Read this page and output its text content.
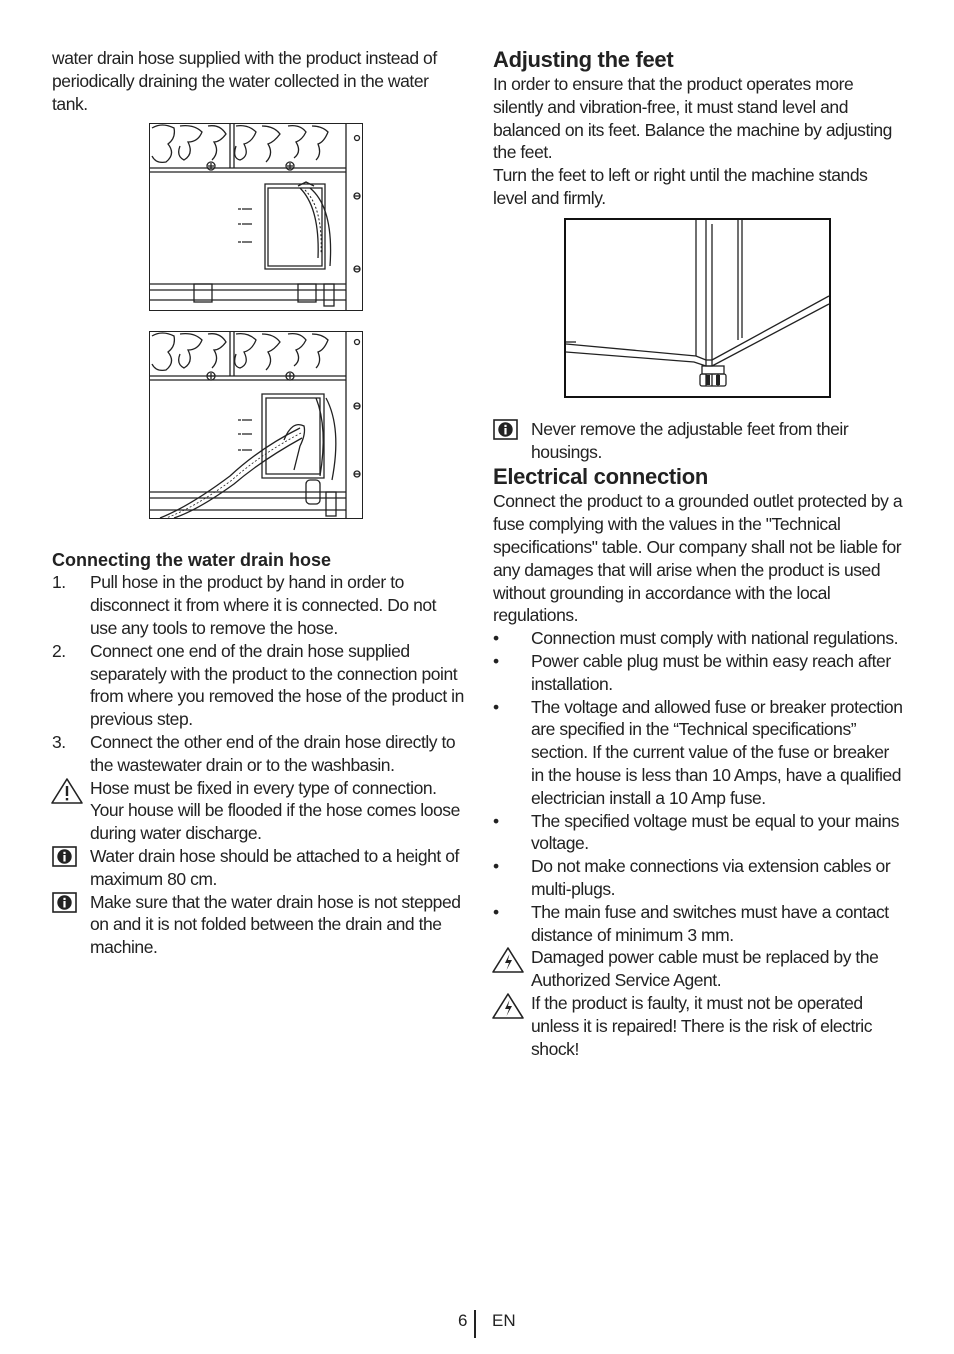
water drain hose supplied with the product instead of periodically draining the water collected in the water tank.

Connecting the water drain hose
1.	Pull hose in the product by hand in order to disconnect it from where it is connected. Do not use any tools to remove the hose.
2.	Connect one end of the drain hose supplied separately with the product to the connection point from where you removed the hose of the product in previous step.
3.	Connect the other end of the drain hose directly to the wastewater drain or to the washbasin.
Hose must be fixed in every type of connection. Your house will be flooded if the hose comes loose during water discharge.
Water drain hose should be attached to a height of maximum 80 cm.
Make sure that the water drain hose is not stepped on and it is not folded between the drain and the machine.
Adjusting the feet

In order to ensure that the product operates more silently and vibration-free, it must stand level and balanced on its feet. Balance the machine by adjusting the feet.

Turn the feet to left or right until the machine stands level and firmly.

Never remove the adjustable feet from their housings.
Electrical connection

Connect the product to a grounded outlet protected by a fuse complying with the values in the "Technical specifications" table. Our company shall not be liable for any damages that will arise when the product is used without grounding in accordance with the local regulations.

•	Connection must comply with national regulations.
•	Power cable plug must be within easy reach after installation.
•	The voltage and allowed fuse or breaker protection are specified in the “Technical specifications” section. If the current value of the fuse or breaker in the house is less than 10 Amps, have a qualified electrician install a 10 Amp fuse.
•	The specified voltage must be equal to your mains voltage.
•	Do not make connections via extension cables or multi-plugs.
•	The main fuse and switches must have a contact distance of minimum 3 mm.
Damaged power cable must be replaced by the Authorized Service Agent.
If the product is faulty, it must not be operated unless it is repaired! There is the risk of electric shock!
6 EN
